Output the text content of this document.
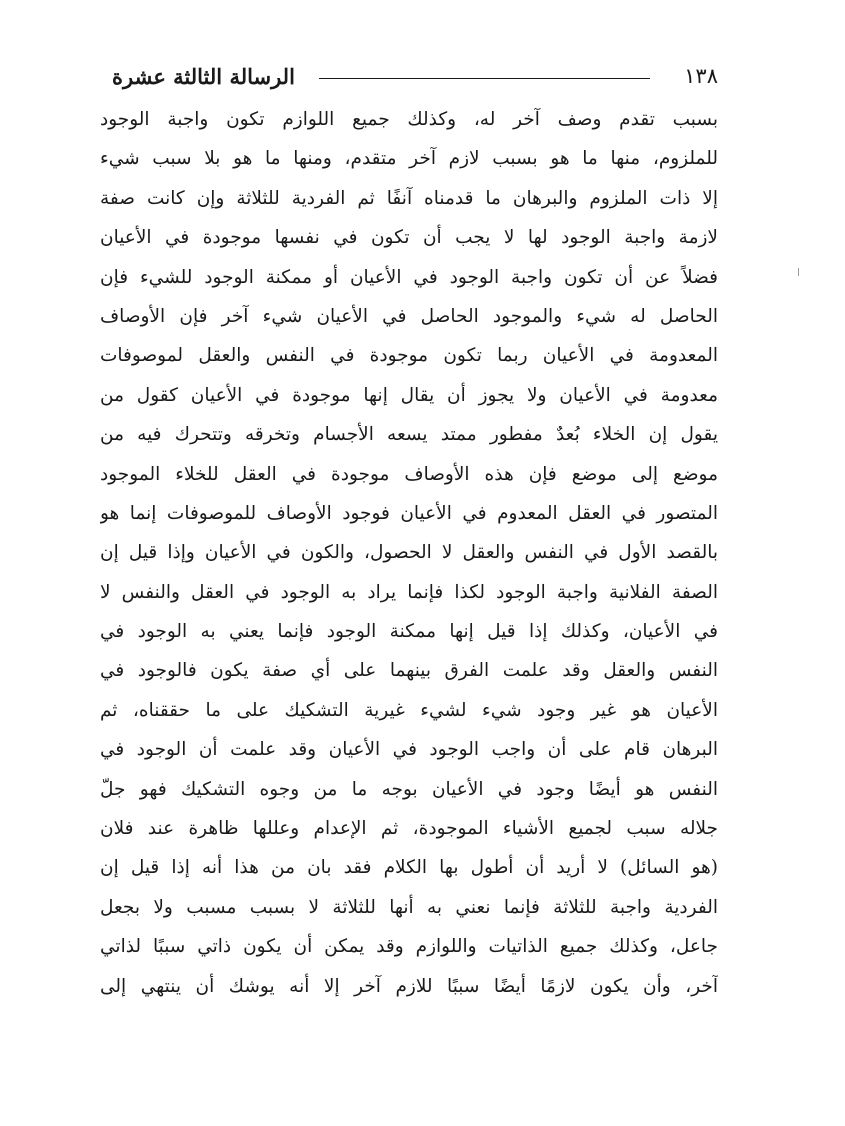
١٣٨
الرسالة الثالثة عشرة
بسبب تقدم وصف آخر له، وكذلك جميع اللوازم تكون واجبة الوجود
للملزوم، منها ما هو بسبب لازم آخر متقدم، ومنها ما هو بلا سبب شيء
إلا ذات الملزوم والبرهان ما قدمناه آنفًا ثم الفردية للثلاثة وإن كانت صفة
لازمة واجبة الوجود لها لا يجب أن تكون في نفسها موجودة في الأعيان
فضلاً عن أن تكون واجبة الوجود في الأعيان أو ممكنة الوجود للشيء فإن
الحاصل له شيء والموجود الحاصل في الأعيان شيء آخر فإن الأوصاف
المعدومة في الأعيان ربما تكون موجودة في النفس والعقل لموصوفات
معدومة في الأعيان ولا يجوز أن يقال إنها موجودة في الأعيان كقول من
يقول إن الخلاء بُعدٌ مفطور ممتد يسعه الأجسام وتخرقه وتتحرك فيه من
موضع إلى موضع فإن هذه الأوصاف موجودة في العقل للخلاء الموجود
المتصور في العقل المعدوم في الأعيان فوجود الأوصاف للموصوفات إنما هو
بالقصد الأول في النفس والعقل لا الحصول، والكون في الأعيان وإذا قيل إن
الصفة الفلانية واجبة الوجود لكذا فإنما يراد به الوجود في العقل والنفس لا
في الأعيان، وكذلك إذا قيل إنها ممكنة الوجود فإنما يعني به الوجود في
النفس والعقل وقد علمت الفرق بينهما على أي صفة يكون فالوجود في
الأعيان هو غير وجود شيء لشيء غيرية التشكيك على ما حققناه، ثم
البرهان قام على أن واجب الوجود في الأعيان وقد علمت أن الوجود في
النفس هو أيضًا وجود في الأعيان بوجه ما من وجوه التشكيك فهو جلّ
جلاله سبب لجميع الأشياء الموجودة، ثم الإعدام وعللها ظاهرة عند فلان
(هو السائل) لا أريد أن أطول بها الكلام فقد بان من هذا أنه إذا قيل إن
الفردية واجبة للثلاثة فإنما نعني به أنها للثلاثة لا بسبب مسبب ولا بجعل
جاعل، وكذلك جميع الذاتيات واللوازم وقد يمكن أن يكون ذاتي سببًا لذاتي
آخر، وأن يكون لازمًا أيضًا سببًا للازم آخر إلا أنه يوشك أن ينتهي إلى
